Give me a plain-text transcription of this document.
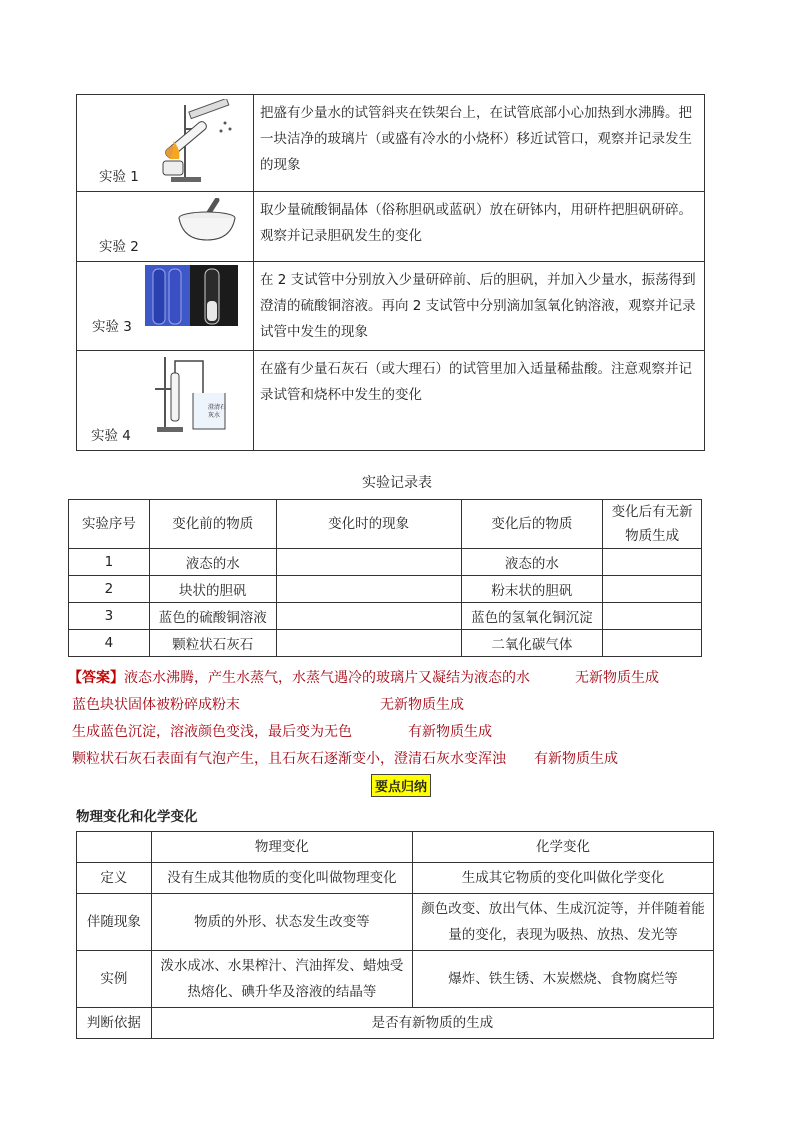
实验 1	把盛有少量水的试管斜夹在铁架台上，在试管底部小心加热到水沸腾。把一块洁净的玻璃片（或盛有冷水的小烧杯）移近试管口，观察并记录发生的现象

实验 2	取少量硫酸铜晶体（俗称胆矾或蓝矾）放在研钵内，用研杵把胆矾研碎。观察并记录胆矾发生的变化

实验 3	在 2 支试管中分别放入少量研碎前、后的胆矾，并加入少量水，振荡得到澄清的硫酸铜溶液。再向 2 支试管中分别滴加氢氧化钠溶液，观察并记录试管中发生的现象

澄清石灰水
实验 4	在盛有少量石灰石（或大理石）的试管里加入适量稀盐酸。注意观察并记录试管和烧杯中发生的变化
实验记录表
实验序号	变化前的物质	变化时的现象	变化后的物质	变化后有无新物质生成
1	液态的水		液态的水	
2	块状的胆矾		粉末状的胆矾	
3	蓝色的硫酸铜溶液		蓝色的氢氧化铜沉淀	
4	颗粒状石灰石		二氧化碳气体	
【答案】液态水沸腾，产生水蒸气，水蒸气遇冷的玻璃片又凝结为液态的水	无新物质生成
蓝色块状固体被粉碎成粉末	无新物质生成
生成蓝色沉淀，溶液颜色变浅，最后变为无色	有新物质生成
颗粒状石灰石表面有气泡产生，且石灰石逐渐变小，澄清石灰水变浑浊 有新物质生成
要点归纳
物理变化和化学变化
	物理变化	化学变化
定义	没有生成其他物质的变化叫做物理变化	生成其它物质的变化叫做化学变化
伴随现象	物质的外形、状态发生改变等	颜色改变、放出气体、生成沉淀等，并伴随着能量的变化，表现为吸热、放热、发光等
实例	泼水成冰、水果榨汁、汽油挥发、蜡烛受热熔化、碘升华及溶液的结晶等	爆炸、铁生锈、木炭燃烧、食物腐烂等
判断依据	是否有新物质的生成	
